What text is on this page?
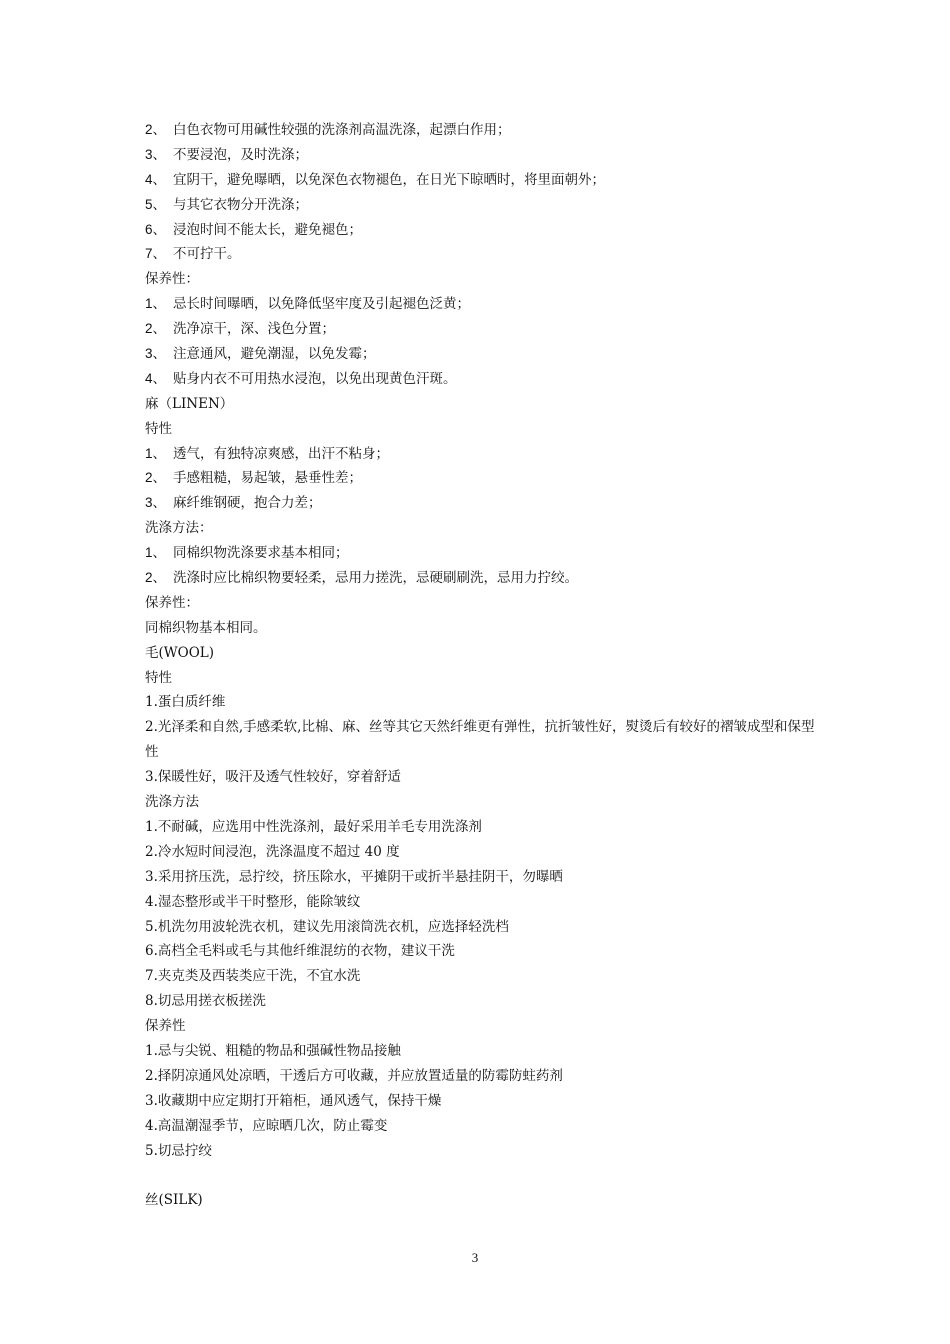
2、 白色衣物可用碱性较强的洗涤剂高温洗涤，起漂白作用；

3、 不要浸泡，及时洗涤；

4、 宜阴干，避免曝晒，以免深色衣物褪色，在日光下晾晒时，将里面朝外；

5、 与其它衣物分开洗涤；

6、 浸泡时间不能太长，避免褪色；

7、 不可拧干。

保养性：

1、 忌长时间曝晒，以免降低坚牢度及引起褪色泛黄；

2、 洗净凉干，深、浅色分置；

3、 注意通风，避免潮湿，以免发霉；

4、 贴身内衣不可用热水浸泡，以免出现黄色汗斑。

麻（LINEN）

特性

1、 透气，有独特凉爽感，出汗不粘身；

2、 手感粗糙，易起皱，悬垂性差；

3、 麻纤维钢硬，抱合力差；

洗涤方法：

1、 同棉织物洗涤要求基本相同；

2、 洗涤时应比棉织物要轻柔，忌用力搓洗，忌硬刷刷洗，忌用力拧绞。

保养性：

同棉织物基本相同。

毛(WOOL)

特性

1.蛋白质纤维

2.光泽柔和自然,手感柔软,比棉、麻、丝等其它天然纤维更有弹性，抗折皱性好，熨烫后有较好的褶皱成型和保型性

3.保暖性好，吸汗及透气性较好，穿着舒适

洗涤方法

1.不耐碱，应选用中性洗涤剂，最好采用羊毛专用洗涤剂

2.冷水短时间浸泡，洗涤温度不超过 40 度

3.采用挤压洗，忌拧绞，挤压除水，平摊阴干或折半悬挂阴干，勿曝晒

4.湿态整形或半干时整形，能除皱纹

5.机洗勿用波轮洗衣机，建议先用滚筒洗衣机，应选择轻洗档

6.高档全毛料或毛与其他纤维混纺的衣物，建议干洗

7.夹克类及西装类应干洗，不宜水洗

8.切忌用搓衣板搓洗

保养性

1.忌与尖锐、粗糙的物品和强碱性物品接触

2.择阴凉通风处凉晒，干透后方可收藏，并应放置适量的防霉防蛀药剂

3.收藏期中应定期打开箱柜，通风透气，保持干燥

4.高温潮湿季节，应晾晒几次，防止霉变

5.切忌拧绞

丝(SILK)

3
